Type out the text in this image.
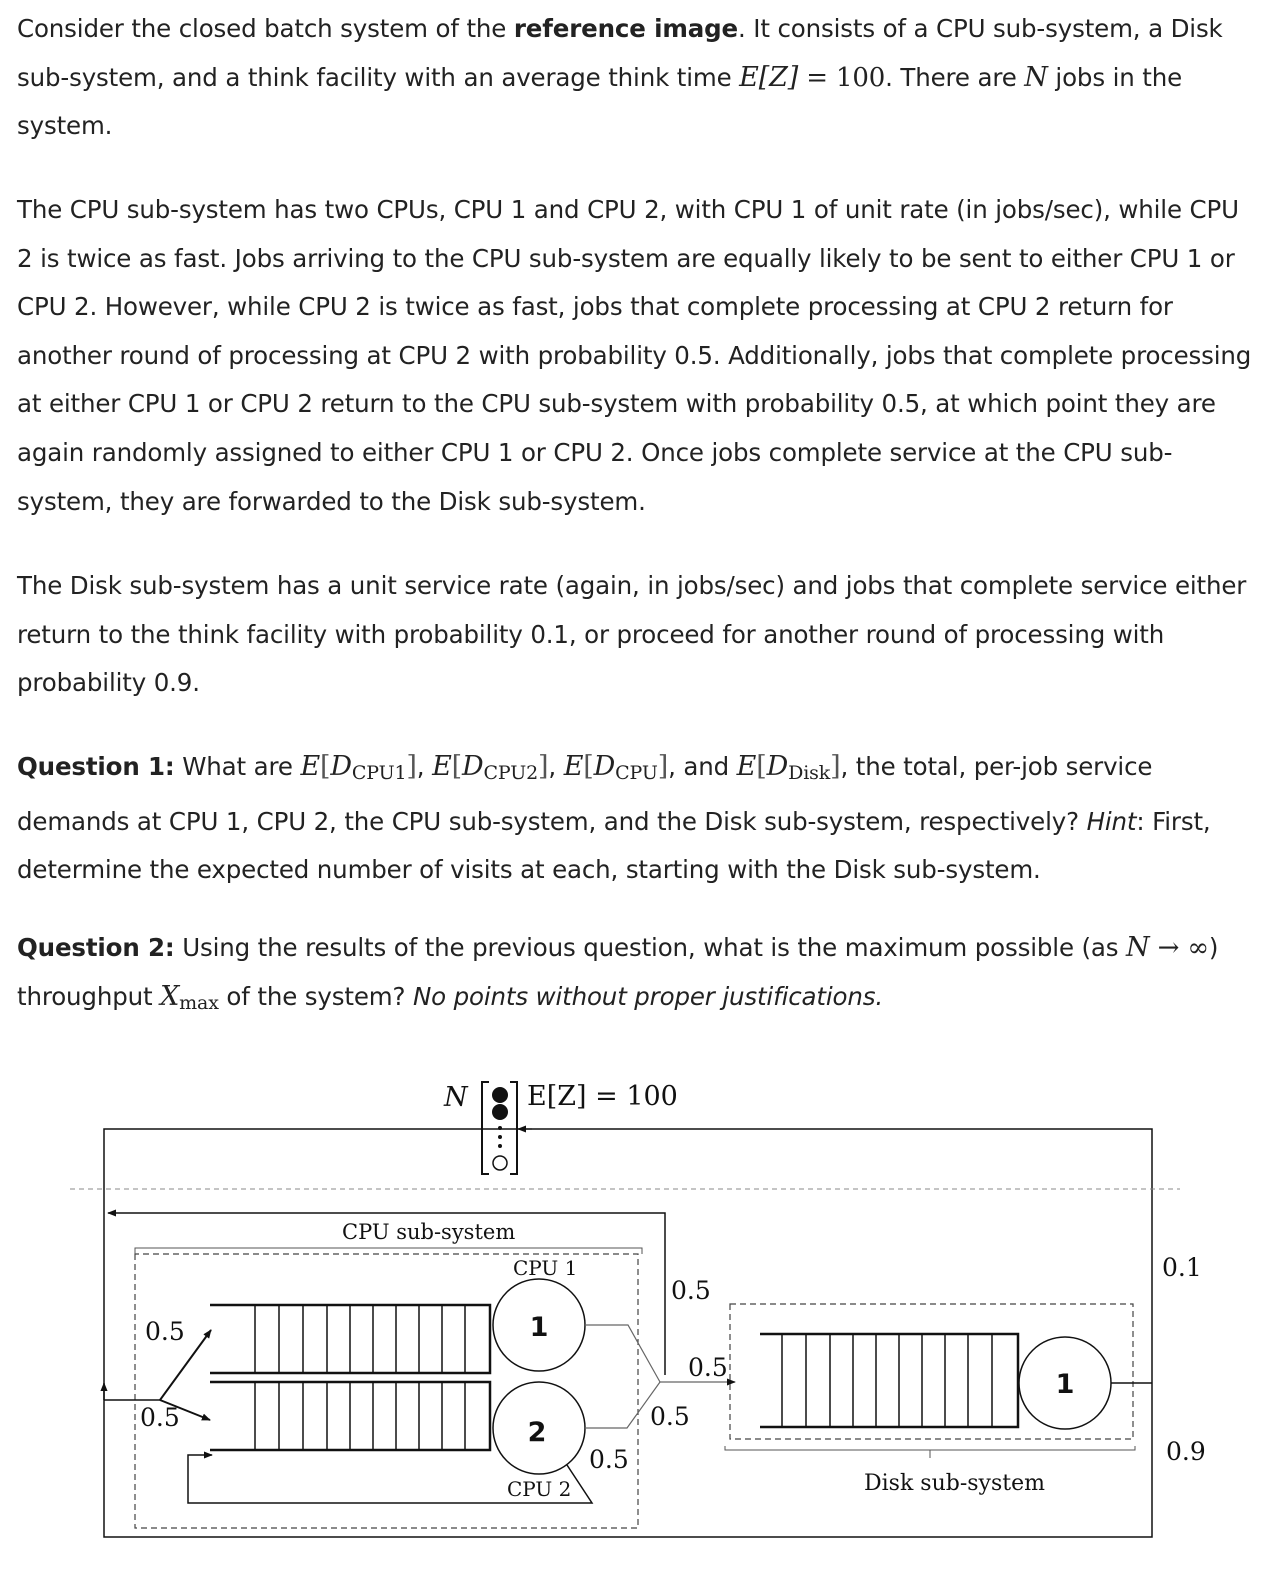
Consider the closed batch system of the reference image. It consists of a CPU sub-system, a Disk sub-system, and a think facility with an average think time E[Z] = 100. There are N jobs in the system.

The CPU sub-system has two CPUs, CPU 1 and CPU 2, with CPU 1 of unit rate (in jobs/sec), while CPU 2 is twice as fast. Jobs arriving to the CPU sub-system are equally likely to be sent to either CPU 1 or CPU 2. However, while CPU 2 is twice as fast, jobs that complete processing at CPU 2 return for another round of processing at CPU 2 with probability 0.5. Additionally, jobs that complete processing at either CPU 1 or CPU 2 return to the CPU sub-system with probability 0.5, at which point they are again randomly assigned to either CPU 1 or CPU 2. Once jobs complete service at the CPU sub-system, they are forwarded to the Disk sub-system.

The Disk sub-system has a unit service rate (again, in jobs/sec) and jobs that complete service either return to the think facility with probability 0.1, or proceed for another round of processing with probability 0.9.

Question 1: What are $E[D_{CPU1}]$, $E[D_{CPU2}]$, $E[D_{CPU}]$, and $E[D_{Disk}]$, the total, per-job service demands at CPU 1, CPU 2, the CPU sub-system, and the Disk sub-system, respectively? Hint: First, determine the expected number of visits at each, starting with the Disk sub-system.

Question 2: Using the results of the previous question, what is the maximum possible (as N → ∞) throughput $X_{max}$ of the system? No points without proper justifications.

N E[Z] = 100
CPU sub-system
CPU 1
CPU 2
1
2
1
Disk sub-system
0.5
0.5
0.5
0.5
0.5
0.5
0.1
0.9
